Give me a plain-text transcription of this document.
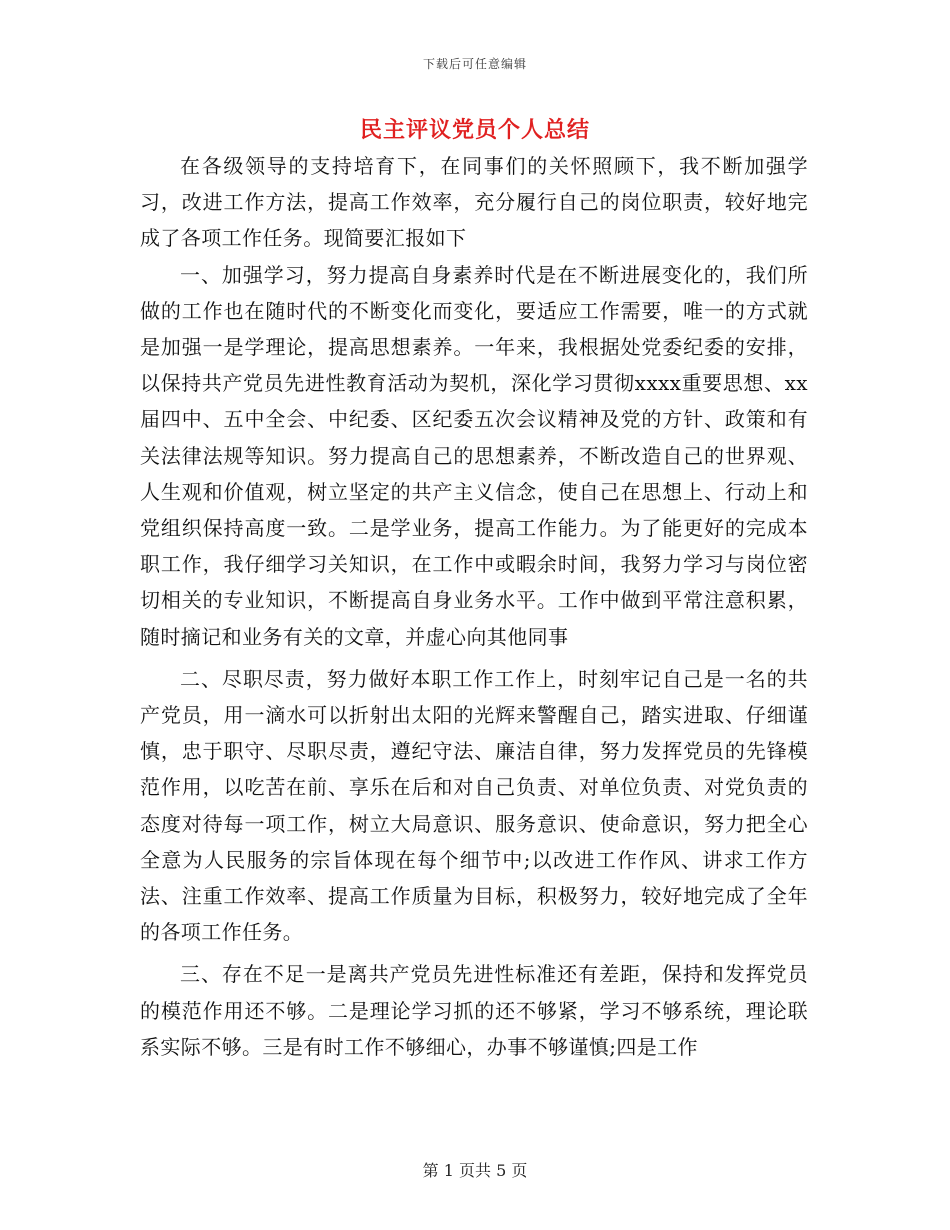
下载后可任意编辑
民主评议党员个人总结

在各级领导的支持培育下，在同事们的关怀照顾下，我不断加强学习，改进工作方法，提高工作效率，充分履行自己的岗位职责，较好地完成了各项工作任务。现简要汇报如下

一、加强学习，努力提高自身素养时代是在不断进展变化的，我们所做的工作也在随时代的不断变化而变化，要适应工作需要，唯一的方式就是加强一是学理论，提高思想素养。一年来，我根据处党委纪委的安排，以保持共产党员先进性教育活动为契机，深化学习贯彻xxxx重要思想、xx届四中、五中全会、中纪委、区纪委五次会议精神及党的方针、政策和有关法律法规等知识。努力提高自己的思想素养，不断改造自己的世界观、人生观和价值观，树立坚定的共产主义信念，使自己在思想上、行动上和党组织保持高度一致。二是学业务，提高工作能力。为了能更好的完成本职工作，我仔细学习关知识，在工作中或暇余时间，我努力学习与岗位密切相关的专业知识，不断提高自身业务水平。工作中做到平常注意积累，随时摘记和业务有关的文章，并虚心向其他同事

二、尽职尽责，努力做好本职工作工作上，时刻牢记自己是一名的共产党员，用一滴水可以折射出太阳的光辉来警醒自己，踏实进取、仔细谨慎，忠于职守、尽职尽责，遵纪守法、廉洁自律，努力发挥党员的先锋模范作用，以吃苦在前、享乐在后和对自己负责、对单位负责、对党负责的态度对待每一项工作，树立大局意识、服务意识、使命意识，努力把全心全意为人民服务的宗旨体现在每个细节中;以改进工作作风、讲求工作方法、注重工作效率、提高工作质量为目标，积极努力，较好地完成了全年的各项工作任务。

三、存在不足一是离共产党员先进性标准还有差距，保持和发挥党员的模范作用还不够。二是理论学习抓的还不够紧，学习不够系统，理论联系实际不够。三是有时工作不够细心，办事不够谨慎;四是工作

第 1 页共 5 页
